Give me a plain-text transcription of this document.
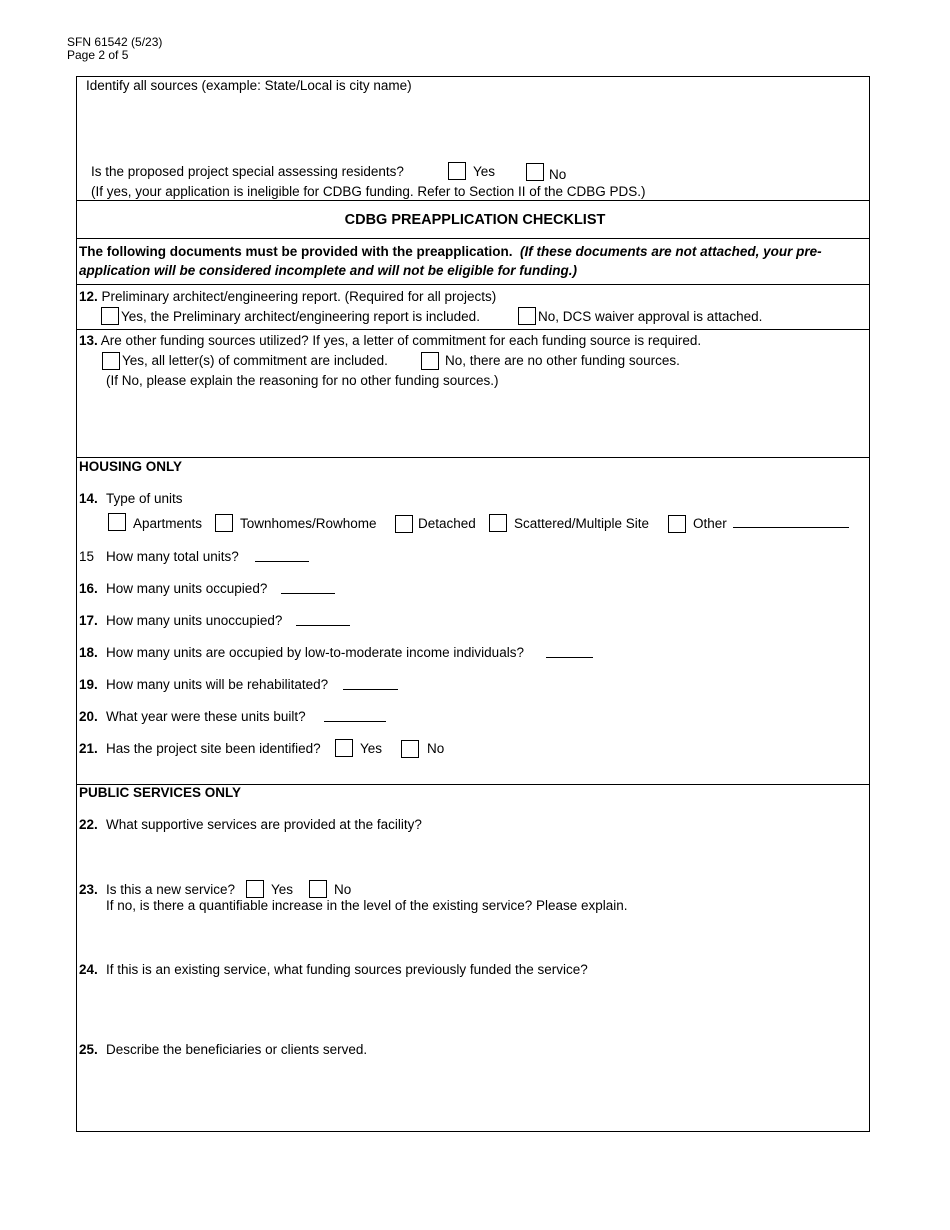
SFN 61542 (5/23)
Page 2 of 5
Identify all sources (example: State/Local is city name)
Is the proposed project special assessing residents?	Yes	No
(If yes, your application is ineligible for CDBG funding. Refer to Section II of the CDBG PDS.)
CDBG PREAPPLICATION CHECKLIST
The following documents must be provided with the preapplication. (If these documents are not attached, your pre-
application will be considered incomplete and will not be eligible for funding.)
12. Preliminary architect/engineering report. (Required for all projects)
Yes, the Preliminary architect/engineering report is included.	No, DCS waiver approval is attached.
13. Are other funding sources utilized? If yes, a letter of commitment for each funding source is required.
Yes, all letter(s) of commitment are included.	No, there are no other funding sources.
(If No, please explain the reasoning for no other funding sources.)
HOUSING ONLY
14. Type of units
Apartments	Townhomes/Rowhome	Detached	Scattered/Multiple Site	Other
15 How many total units?
16. How many units occupied?
17. How many units unoccupied?
18. How many units are occupied by low-to-moderate income individuals?
19. How many units will be rehabilitated?
20. What year were these units built?
21. Has the project site been identified?	Yes	No
PUBLIC SERVICES ONLY
22. What supportive services are provided at the facility?
23. Is this a new service?	Yes	No
If no, is there a quantifiable increase in the level of the existing service? Please explain.
24. If this is an existing service, what funding sources previously funded the service?
25. Describe the beneficiaries or clients served.
